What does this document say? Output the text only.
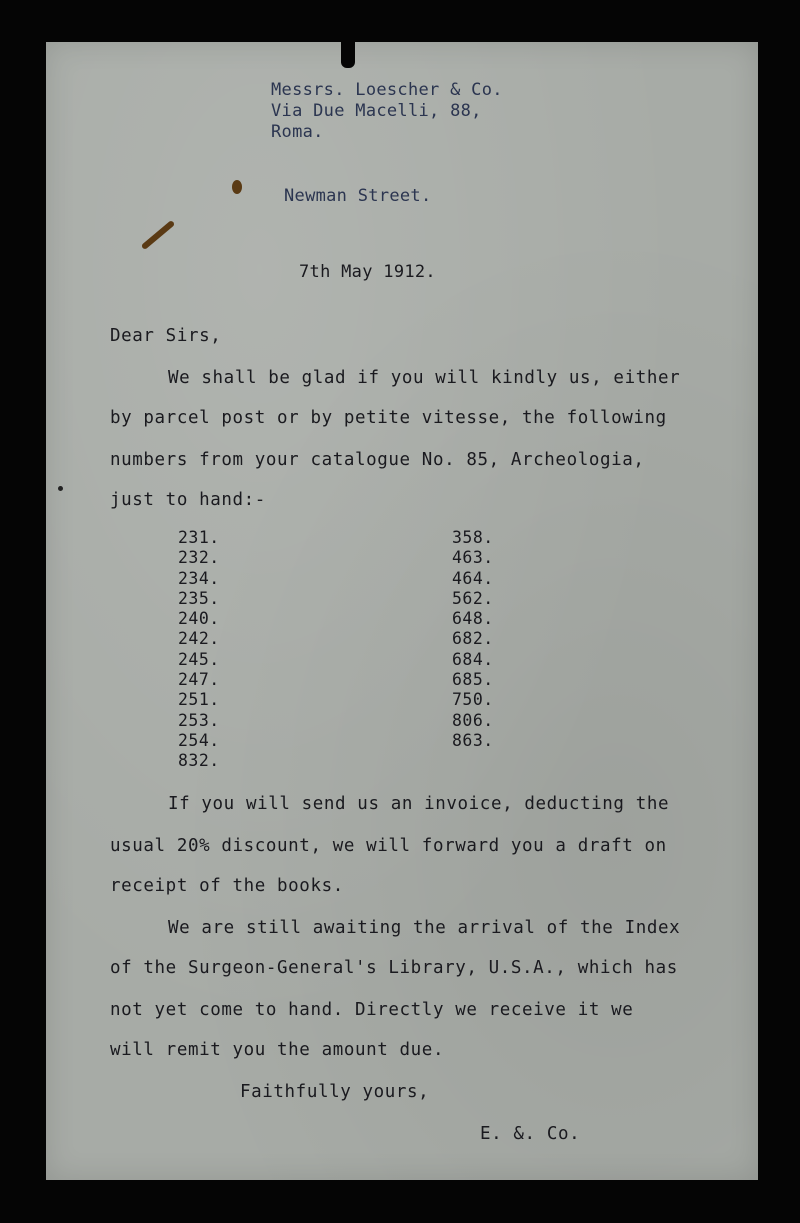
Messrs. Loescher & Co.
Via Due Macelli, 88,
Roma.
Newman Street.
7th May 1912.
Dear Sirs,
We shall be glad if you will kindly us, either
by parcel post or by petite vitesse, the following
numbers from your catalogue No. 85, Archeologia,
just to hand:-
231.
232.
234.
235.
240.
242.
245.
247.
251.
253.
254.
832.
358.
463.
464.
562.
648.
682.
684.
685.
750.
806.
863.
If you will send us an invoice, deducting the
usual 20% discount, we will forward you a draft on
receipt of the books.
We are still awaiting the arrival of the Index
of the Surgeon-General's Library, U.S.A., which has
not yet come to hand. Directly we receive it we
will remit you the amount due.
Faithfully yours,
E. &. Co.
